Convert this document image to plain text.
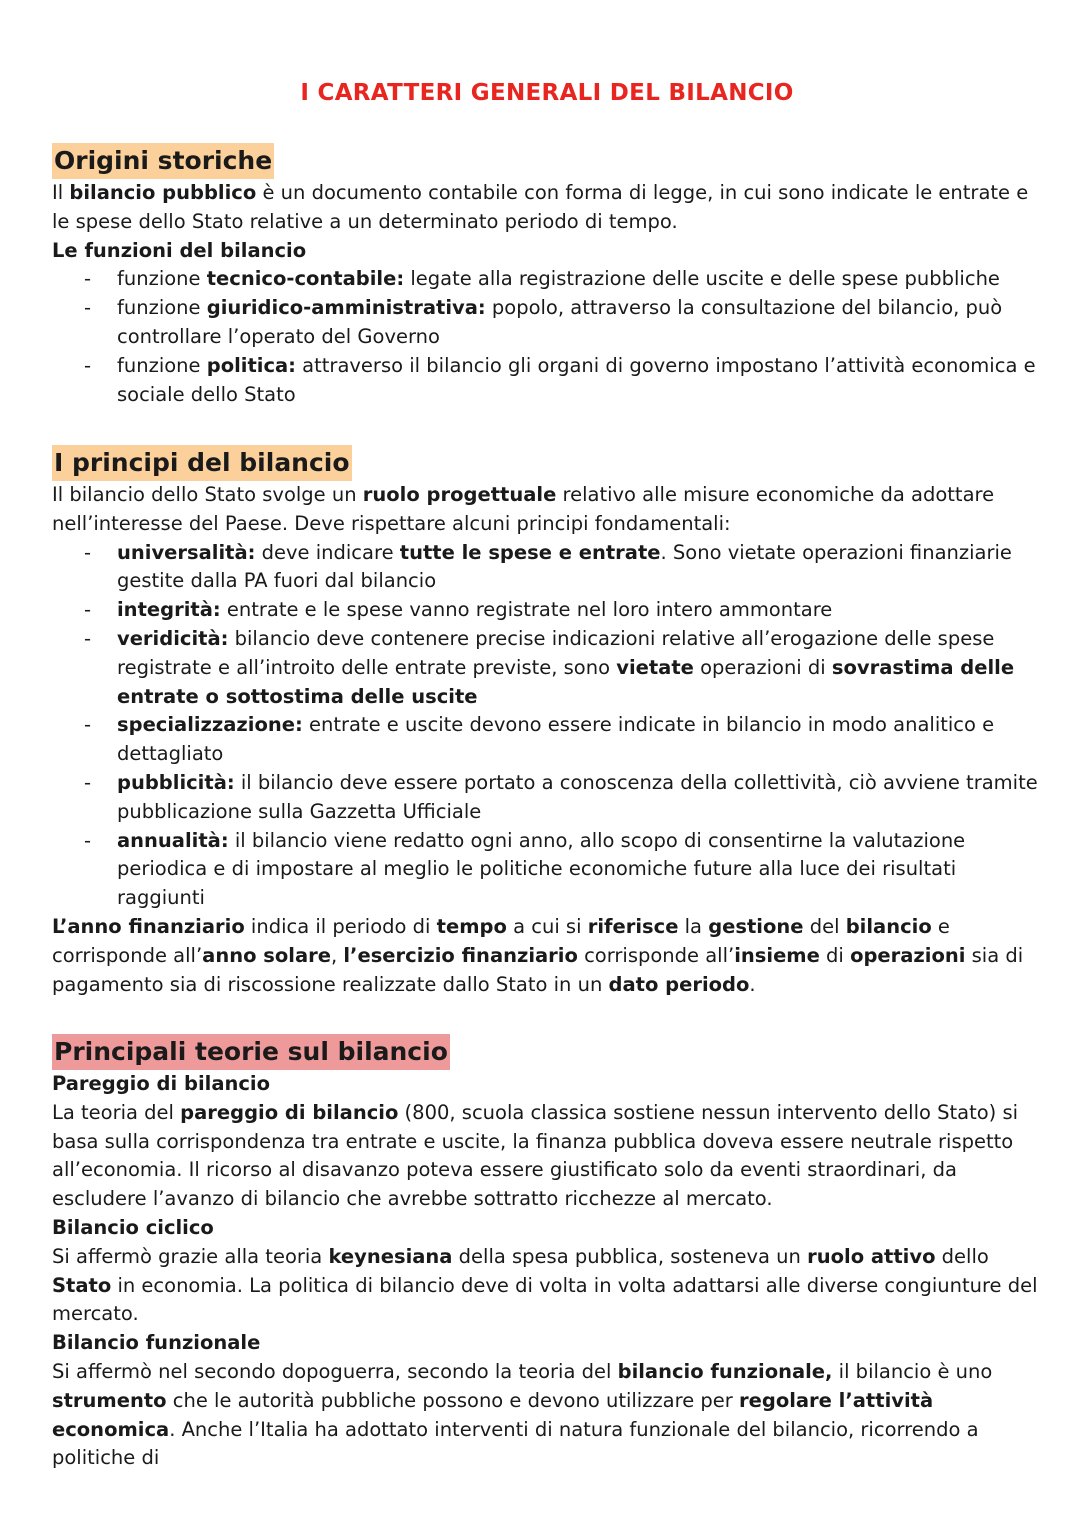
I CARATTERI GENERALI DEL BILANCIO
Origini storiche

Il bilancio pubblico è un documento contabile con forma di legge, in cui sono indicate le entrate e le spese dello Stato relative a un determinato periodo di tempo.

Le funzioni del bilancio
- funzione tecnico-contabile: legate alla registrazione delle uscite e delle spese pubbliche
- funzione giuridico-amministrativa: popolo, attraverso la consultazione del bilancio, può controllare l’operato del Governo
- funzione politica: attraverso il bilancio gli organi di governo impostano l’attività economica e sociale dello Stato
I principi del bilancio

Il bilancio dello Stato svolge un ruolo progettuale relativo alle misure economiche da adottare nell’interesse del Paese. Deve rispettare alcuni principi fondamentali:

- universalità: deve indicare tutte le spese e entrate. Sono vietate operazioni finanziarie gestite dalla PA fuori dal bilancio
- integrità: entrate e le spese vanno registrate nel loro intero ammontare
- veridicità: bilancio deve contenere precise indicazioni relative all’erogazione delle spese registrate e all’introito delle entrate previste, sono vietate operazioni di sovrastima delle entrate o sottostima delle uscite
- specializzazione: entrate e uscite devono essere indicate in bilancio in modo analitico e dettagliato
- pubblicità: il bilancio deve essere portato a conoscenza della collettività, ciò avviene tramite pubblicazione sulla Gazzetta Ufficiale
- annualità: il bilancio viene redatto ogni anno, allo scopo di consentirne la valutazione periodica e di impostare al meglio le politiche economiche future alla luce dei risultati raggiunti

L’anno finanziario indica il periodo di tempo a cui si riferisce la gestione del bilancio e corrisponde all’anno solare, l’esercizio finanziario corrisponde all’insieme di operazioni sia di pagamento sia di riscossione realizzate dallo Stato in un dato periodo.

Principali teorie sul bilancio
Pareggio di bilancio

La teoria del pareggio di bilancio (800, scuola classica sostiene nessun intervento dello Stato) si basa sulla corrispondenza tra entrate e uscite, la finanza pubblica doveva essere neutrale rispetto all’economia. Il ricorso al disavanzo poteva essere giustificato solo da eventi straordinari, da escludere l’avanzo di bilancio che avrebbe sottratto ricchezze al mercato.

Bilancio ciclico

Si affermò grazie alla teoria keynesiana della spesa pubblica, sosteneva un ruolo attivo dello Stato in economia. La politica di bilancio deve di volta in volta adattarsi alle diverse congiunture del mercato.

Bilancio funzionale

Si affermò nel secondo dopoguerra, secondo la teoria del bilancio funzionale, il bilancio è uno strumento che le autorità pubbliche possono e devono utilizzare per regolare l’attività economica. Anche l’Italia ha adottato interventi di natura funzionale del bilancio, ricorrendo a politiche di
